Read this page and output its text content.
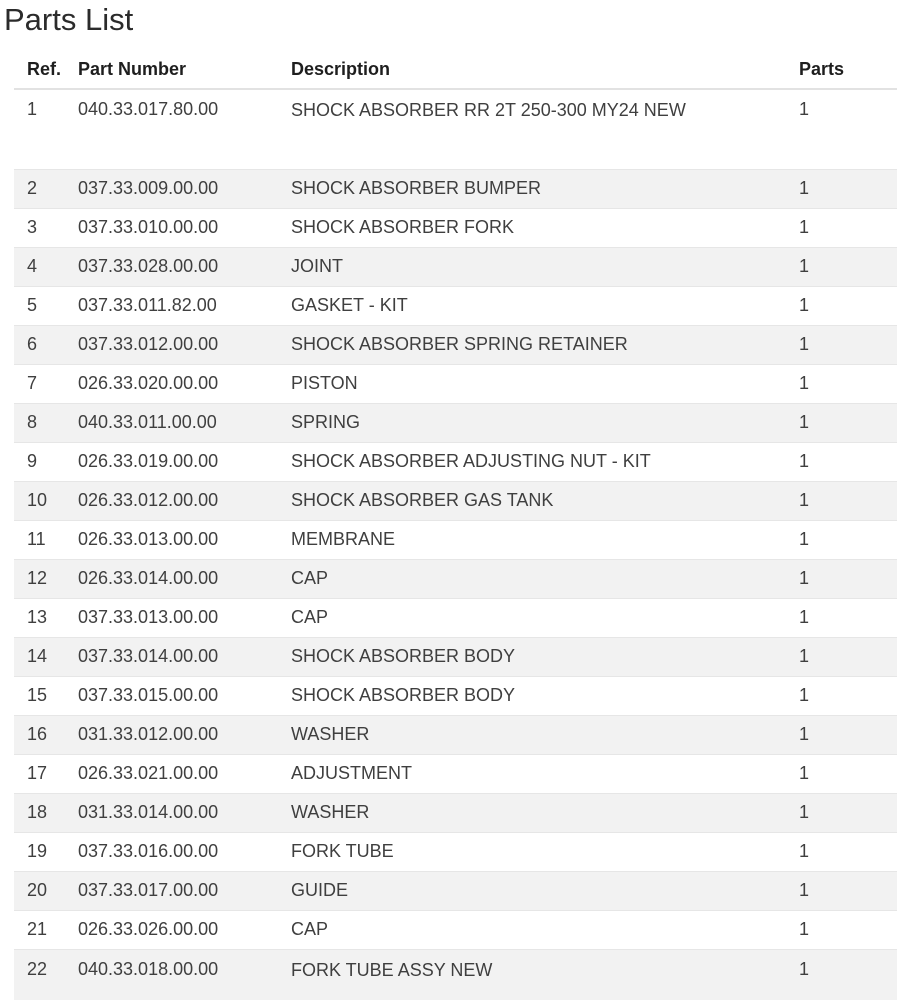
Parts List
Ref.	Part Number	Description	Parts
1	040.33.017.80.00	SHOCK ABSORBER RR 2T 250-300 MY24 NEW	1
2	037.33.009.00.00	SHOCK ABSORBER BUMPER	1
3	037.33.010.00.00	SHOCK ABSORBER FORK	1
4	037.33.028.00.00	JOINT	1
5	037.33.011.82.00	GASKET - KIT	1
6	037.33.012.00.00	SHOCK ABSORBER SPRING RETAINER	1
7	026.33.020.00.00	PISTON	1
8	040.33.011.00.00	SPRING	1
9	026.33.019.00.00	SHOCK ABSORBER ADJUSTING NUT - KIT	1
10	026.33.012.00.00	SHOCK ABSORBER GAS TANK	1
11	026.33.013.00.00	MEMBRANE	1
12	026.33.014.00.00	CAP	1
13	037.33.013.00.00	CAP	1
14	037.33.014.00.00	SHOCK ABSORBER BODY	1
15	037.33.015.00.00	SHOCK ABSORBER BODY	1
16	031.33.012.00.00	WASHER	1
17	026.33.021.00.00	ADJUSTMENT	1
18	031.33.014.00.00	WASHER	1
19	037.33.016.00.00	FORK TUBE	1
20	037.33.017.00.00	GUIDE	1
21	026.33.026.00.00	CAP	1
22	040.33.018.00.00	FORK TUBE ASSY NEW	1
